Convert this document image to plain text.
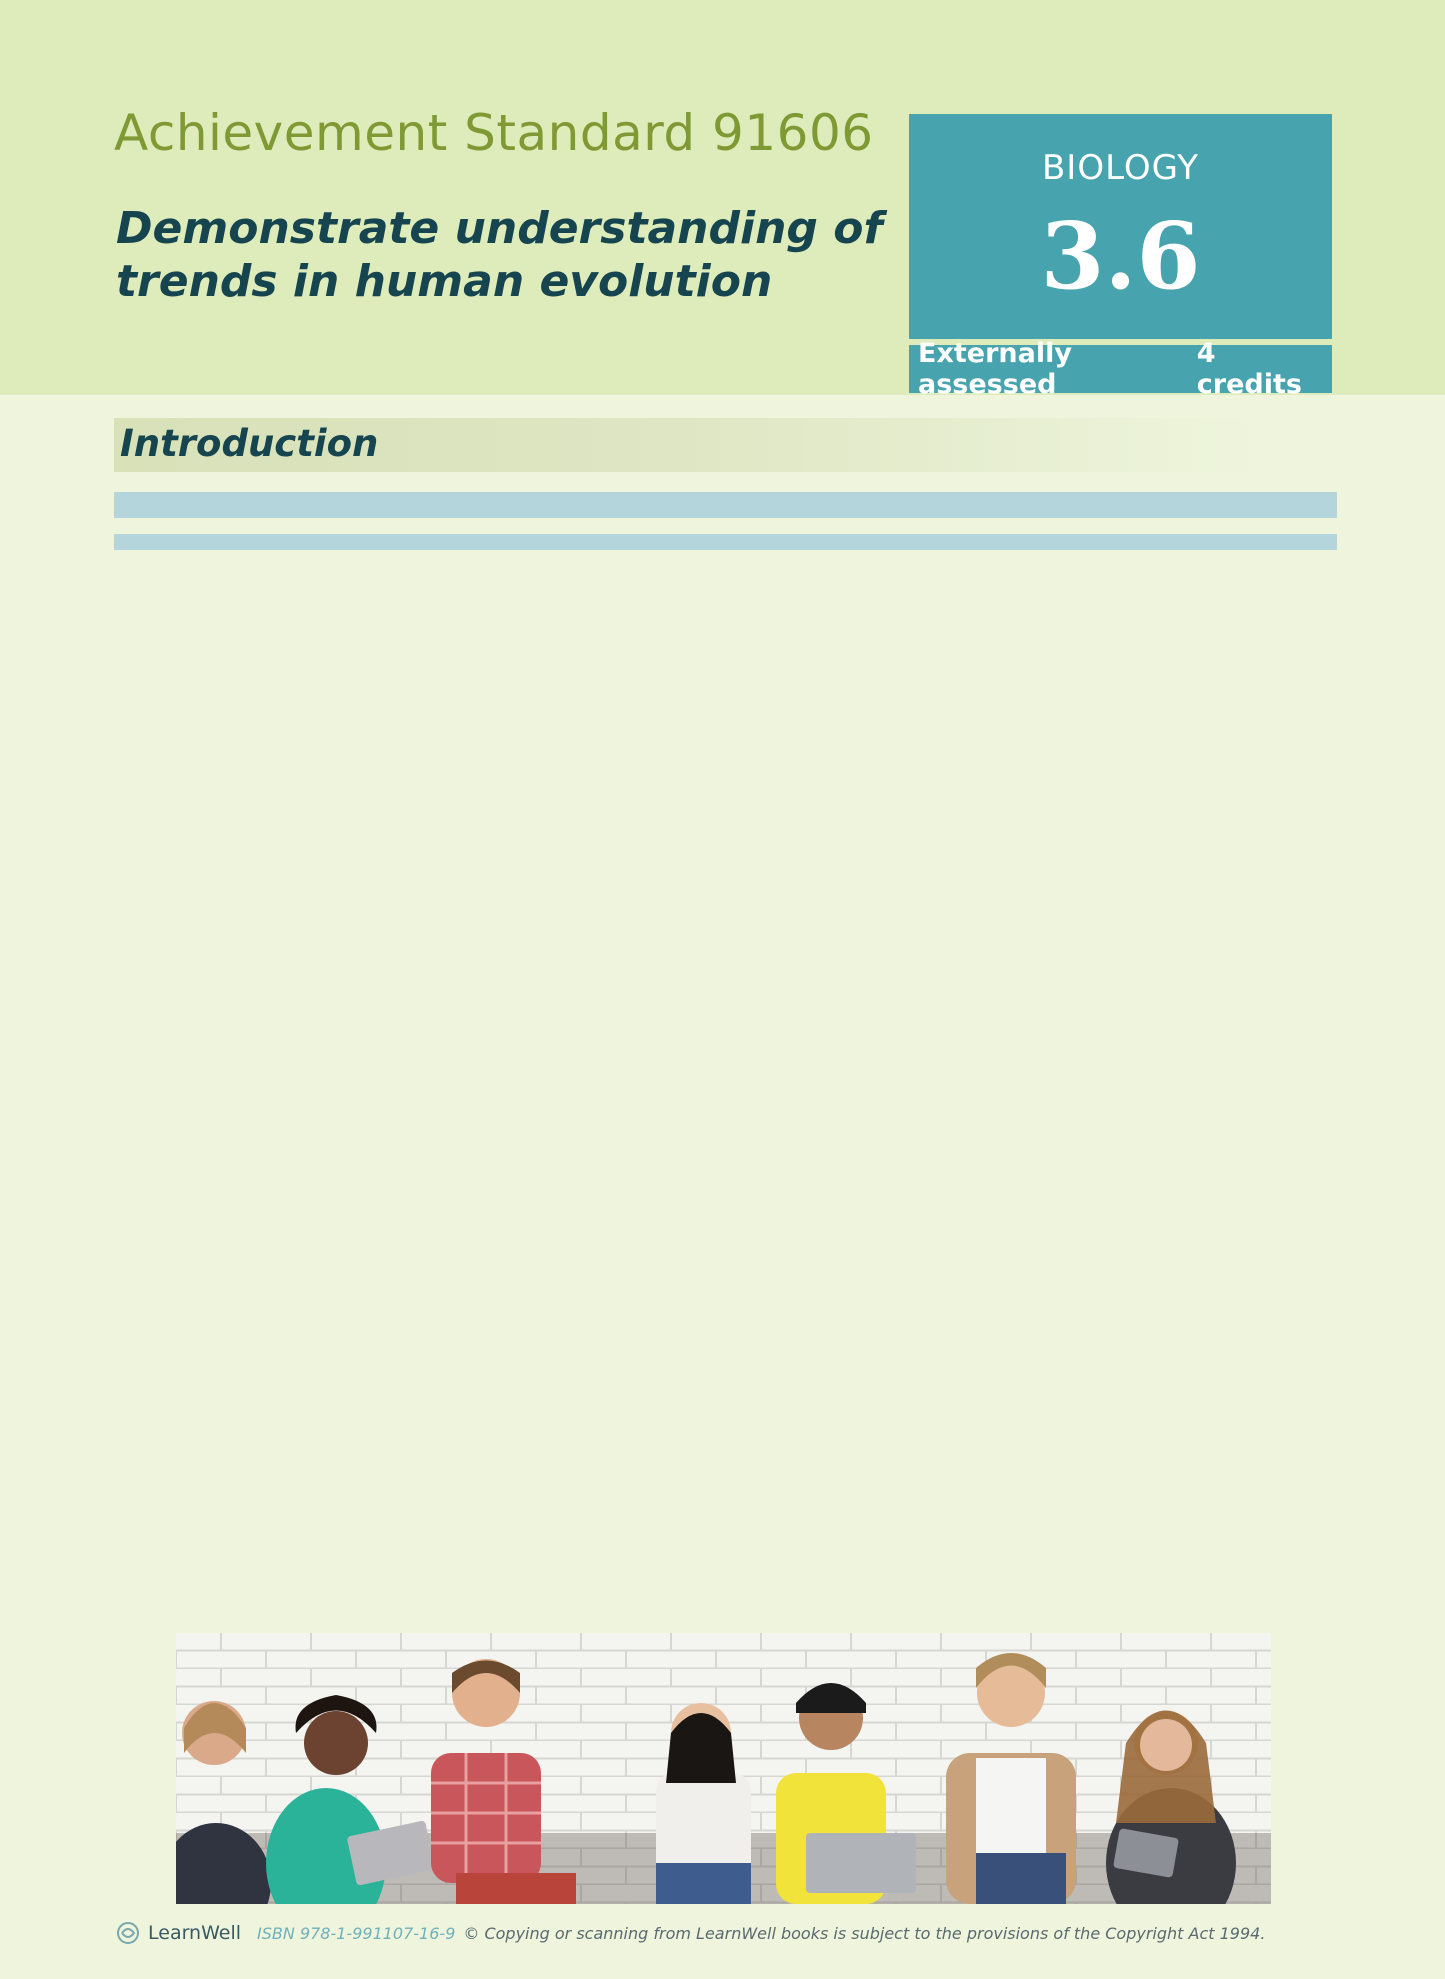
Achievement Standard 91606
Demonstrate understanding of
trends in human evolution
BIOLOGY
3.6
Externally assessed
4 credits
Introduction

LearnWell ISBN 978-1-991107-16-9 © Copying or scanning from LearnWell books is subject to the provisions of the Copyright Act 1994.
